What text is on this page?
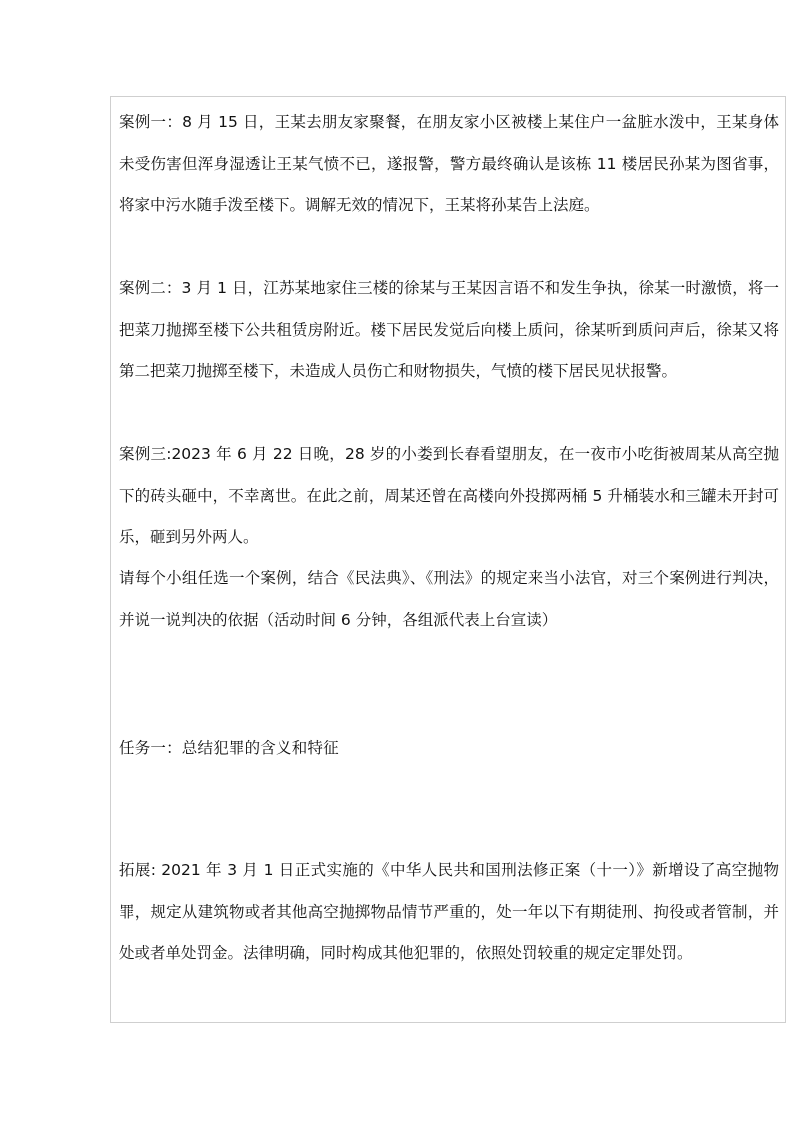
案例一：8 月 15 日，王某去朋友家聚餐，在朋友家小区被楼上某住户一盆脏水泼中，王某身体未受伤害但浑身湿透让王某气愤不已，遂报警，警方最终确认是该栋 11 楼居民孙某为图省事，将家中污水随手泼至楼下。调解无效的情况下，王某将孙某告上法庭。
案例二：3 月 1 日，江苏某地家住三楼的徐某与王某因言语不和发生争执，徐某一时激愤，将一把菜刀抛掷至楼下公共租赁房附近。楼下居民发觉后向楼上质问，徐某听到质问声后，徐某又将第二把菜刀抛掷至楼下，未造成人员伤亡和财物损失，气愤的楼下居民见状报警。
案例三:2023 年 6 月 22 日晚，28 岁的小娄到长春看望朋友，在一夜市小吃街被周某从高空抛下的砖头砸中，不幸离世。在此之前，周某还曾在高楼向外投掷两桶 5 升桶装水和三罐未开封可乐，砸到另外两人。
请每个小组任选一个案例，结合《民法典》、《刑法》的规定来当小法官，对三个案例进行判决，并说一说判决的依据（活动时间 6 分钟，各组派代表上台宣读）
任务一：总结犯罪的含义和特征
拓展: 2021 年 3 月 1 日正式实施的《中华人民共和国刑法修正案（十一）》新增设了高空抛物罪，规定从建筑物或者其他高空抛掷物品情节严重的，处一年以下有期徒刑、拘役或者管制，并处或者单处罚金。法律明确，同时构成其他犯罪的，依照处罚较重的规定定罪处罚。
